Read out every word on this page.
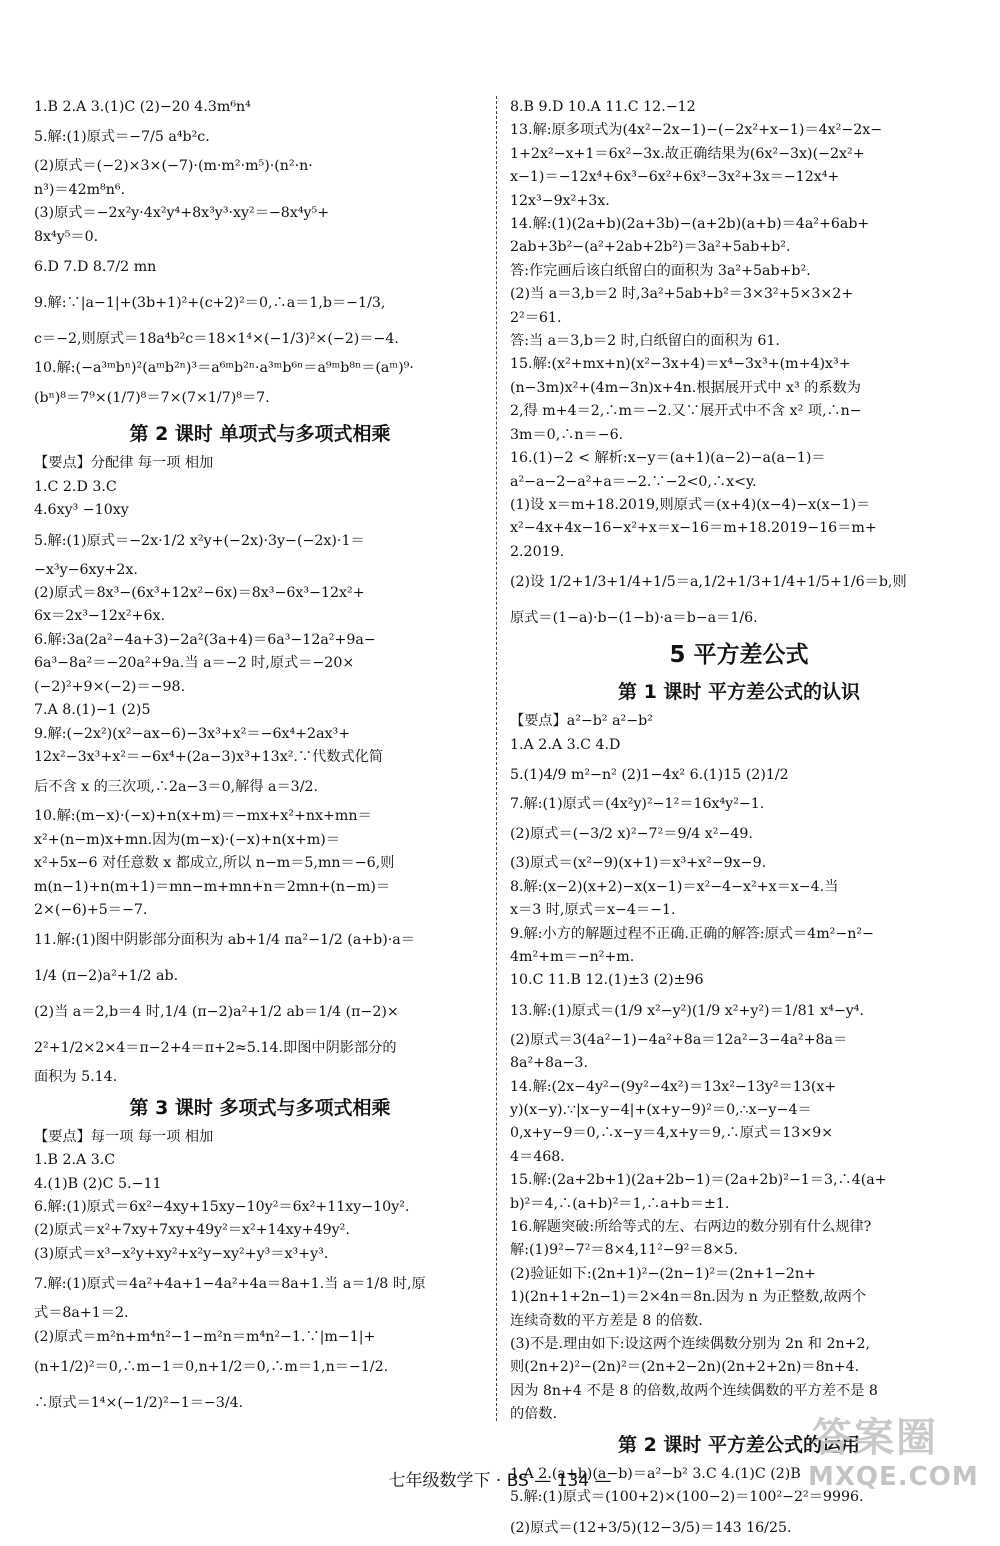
1.B 2.A 3.(1)C (2)−20 4.3m⁶n⁴
5.解:(1)原式＝−7/5 a⁴b²c.
(2)原式＝(−2)×3×(−7)·(m·m²·m⁵)·(n²·n·
n³)＝42m⁸n⁶.
(3)原式＝−2x²y·4x²y⁴+8x³y³·xy²＝−8x⁴y⁵+
8x⁴y⁵＝0.
6.D 7.D 8.7/2 mn
9.解:∵|a−1|+(3b+1)²+(c+2)²＝0,∴a＝1,b＝−1/3,
c＝−2,则原式＝18a⁴b²c＝18×1⁴×(−1/3)²×(−2)＝−4.
10.解:(−a³ᵐbⁿ)²(aᵐb²ⁿ)³＝a⁶ᵐb²ⁿ·a³ᵐb⁶ⁿ＝a⁹ᵐb⁸ⁿ＝(aᵐ)⁹·
(bⁿ)⁸＝7⁹×(1/7)⁸＝7×(7×1/7)⁸＝7.
第 2 课时 单项式与多项式相乘
【要点】分配律 每一项 相加
1.C 2.D 3.C
4.6xy³ −10xy
5.解:(1)原式＝−2x·1/2 x²y+(−2x)·3y−(−2x)·1＝
−x³y−6xy+2x.
(2)原式＝8x³−(6x³+12x²−6x)＝8x³−6x³−12x²+
6x＝2x³−12x²+6x.
6.解:3a(2a²−4a+3)−2a²(3a+4)＝6a³−12a²+9a−
6a³−8a²＝−20a²+9a.当 a＝−2 时,原式＝−20×
(−2)²+9×(−2)＝−98.
7.A 8.(1)−1 (2)5
9.解:(−2x²)(x²−ax−6)−3x³+x²＝−6x⁴+2ax³+
12x²−3x³+x²＝−6x⁴+(2a−3)x³+13x².∵代数式化简
后不含 x 的三次项,∴2a−3＝0,解得 a＝3/2.
10.解:(m−x)·(−x)+n(x+m)＝−mx+x²+nx+mn＝
x²+(n−m)x+mn.因为(m−x)·(−x)+n(x+m)＝
x²+5x−6 对任意数 x 都成立,所以 n−m＝5,mn＝−6,则
m(n−1)+n(m+1)＝mn−m+mn+n＝2mn+(n−m)＝
2×(−6)+5＝−7.
11.解:(1)图中阴影部分面积为 ab+1/4 πa²−1/2 (a+b)·a＝
1/4 (π−2)a²+1/2 ab.
(2)当 a＝2,b＝4 时,1/4 (π−2)a²+1/2 ab＝1/4 (π−2)×
2²+1/2×2×4＝π−2+4＝π+2≈5.14.即图中阴影部分的
面积为 5.14.
第 3 课时 多项式与多项式相乘
【要点】每一项 每一项 相加
1.B 2.A 3.C
4.(1)B (2)C 5.−11
6.解:(1)原式＝6x²−4xy+15xy−10y²＝6x²+11xy−10y².
(2)原式＝x²+7xy+7xy+49y²＝x²+14xy+49y².
(3)原式＝x³−x²y+xy²+x²y−xy²+y³＝x³+y³.
7.解:(1)原式＝4a²+4a+1−4a²+4a＝8a+1.当 a＝1/8 时,原
式＝8a+1＝2.
(2)原式＝m²n+m⁴n²−1−m²n＝m⁴n²−1.∵|m−1|+
(n+1/2)²＝0,∴m−1＝0,n+1/2＝0,∴m＝1,n＝−1/2.
∴原式＝1⁴×(−1/2)²−1＝−3/4.
8.B 9.D 10.A 11.C 12.−12
13.解:原多项式为(4x²−2x−1)−(−2x²+x−1)＝4x²−2x−
1+2x²−x+1＝6x²−3x.故正确结果为(6x²−3x)(−2x²+
x−1)＝−12x⁴+6x³−6x²+6x³−3x²+3x＝−12x⁴+
12x³−9x²+3x.
14.解:(1)(2a+b)(2a+3b)−(a+2b)(a+b)＝4a²+6ab+
2ab+3b²−(a²+2ab+2b²)＝3a²+5ab+b².
答:作完画后该白纸留白的面积为 3a²+5ab+b².
(2)当 a＝3,b＝2 时,3a²+5ab+b²＝3×3²+5×3×2+
2²＝61.
答:当 a＝3,b＝2 时,白纸留白的面积为 61.
15.解:(x²+mx+n)(x²−3x+4)＝x⁴−3x³+(m+4)x³+
(n−3m)x²+(4m−3n)x+4n.根据展开式中 x³ 的系数为
2,得 m+4＝2,∴m＝−2.又∵展开式中不含 x² 项,∴n−
3m＝0,∴n＝−6.
16.(1)−2 < 解析:x−y＝(a+1)(a−2)−a(a−1)＝
a²−a−2−a²+a＝−2.∵−2<0,∴x<y.
(1)设 x＝m+18.2019,则原式＝(x+4)(x−4)−x(x−1)＝
x²−4x+4x−16−x²+x＝x−16＝m+18.2019−16＝m+
2.2019.
(2)设 1/2+1/3+1/4+1/5＝a,1/2+1/3+1/4+1/5+1/6＝b,则
原式＝(1−a)·b−(1−b)·a＝b−a＝1/6.
5 平方差公式
第 1 课时 平方差公式的认识
【要点】a²−b² a²−b²
1.A 2.A 3.C 4.D
5.(1)4/9 m²−n² (2)1−4x² 6.(1)15 (2)1/2
7.解:(1)原式＝(4x²y)²−1²＝16x⁴y²−1.
(2)原式＝(−3/2 x)²−7²＝9/4 x²−49.
(3)原式＝(x²−9)(x+1)＝x³+x²−9x−9.
8.解:(x−2)(x+2)−x(x−1)＝x²−4−x²+x＝x−4.当
x＝3 时,原式＝x−4＝−1.
9.解:小方的解题过程不正确.正确的解答:原式＝4m²−n²−
4m²+m＝−n²+m.
10.C 11.B 12.(1)±3 (2)±96
13.解:(1)原式＝(1/9 x²−y²)(1/9 x²+y²)＝1/81 x⁴−y⁴.
(2)原式＝3(4a²−1)−4a²+8a＝12a²−3−4a²+8a＝
8a²+8a−3.
14.解:(2x−4y²−(9y²−4x²)＝13x²−13y²＝13(x+
y)(x−y).∵|x−y−4|+(x+y−9)²＝0,∴x−y−4＝
0,x+y−9＝0,∴x−y＝4,x+y＝9,∴原式＝13×9×
4＝468.
15.解:(2a+2b+1)(2a+2b−1)＝(2a+2b)²−1＝3,∴4(a+
b)²＝4,∴(a+b)²＝1,∴a+b＝±1.
16.解题突破:所给等式的左、右两边的数分别有什么规律?
解:(1)9²−7²＝8×4,11²−9²＝8×5.
(2)验证如下:(2n+1)²−(2n−1)²＝(2n+1−2n+
1)(2n+1+2n−1)＝2×4n＝8n.因为 n 为正整数,故两个
连续奇数的平方差是 8 的倍数.
(3)不是.理由如下:设这两个连续偶数分别为 2n 和 2n+2,
则(2n+2)²−(2n)²＝(2n+2−2n)(2n+2+2n)＝8n+4.
因为 8n+4 不是 8 的倍数,故两个连续偶数的平方差不是 8
的倍数.
第 2 课时 平方差公式的运用
1.A 2.(a+b)(a−b)＝a²−b² 3.C 4.(1)C (2)B
5.解:(1)原式＝(100+2)×(100−2)＝100²−2²＝9996.
(2)原式＝(12+3/5)(12−3/5)＝143 16/25.
七年级数学下 · BS — 134 —
答案圈
MXQE.COM
